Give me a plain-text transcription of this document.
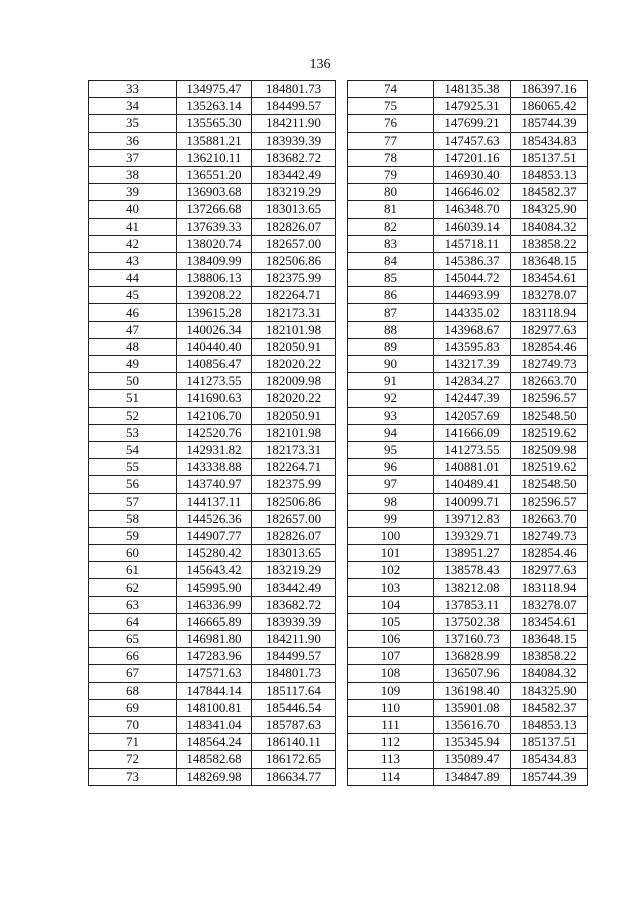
136
33	134975.47	184801.73
34	135263.14	184499.57
35	135565.30	184211.90
36	135881.21	183939.39
37	136210.11	183682.72
38	136551.20	183442.49
39	136903.68	183219.29
40	137266.68	183013.65
41	137639.33	182826.07
42	138020.74	182657.00
43	138409.99	182506.86
44	138806.13	182375.99
45	139208.22	182264.71
46	139615.28	182173.31
47	140026.34	182101.98
48	140440.40	182050.91
49	140856.47	182020.22
50	141273.55	182009.98
51	141690.63	182020.22
52	142106.70	182050.91
53	142520.76	182101.98
54	142931.82	182173.31
55	143338.88	182264.71
56	143740.97	182375.99
57	144137.11	182506.86
58	144526.36	182657.00
59	144907.77	182826.07
60	145280.42	183013.65
61	145643.42	183219.29
62	145995.90	183442.49
63	146336.99	183682.72
64	146665.89	183939.39
65	146981.80	184211.90
66	147283.96	184499.57
67	147571.63	184801.73
68	147844.14	185117.64
69	148100.81	185446.54
70	148341.04	185787.63
71	148564.24	186140.11
72	148582.68	186172.65
73	148269.98	186634.77
74	148135.38	186397.16
75	147925.31	186065.42
76	147699.21	185744.39
77	147457.63	185434.83
78	147201.16	185137.51
79	146930.40	184853.13
80	146646.02	184582.37
81	146348.70	184325.90
82	146039.14	184084.32
83	145718.11	183858.22
84	145386.37	183648.15
85	145044.72	183454.61
86	144693.99	183278.07
87	144335.02	183118.94
88	143968.67	182977.63
89	143595.83	182854.46
90	143217.39	182749.73
91	142834.27	182663.70
92	142447.39	182596.57
93	142057.69	182548.50
94	141666.09	182519.62
95	141273.55	182509.98
96	140881.01	182519.62
97	140489.41	182548.50
98	140099.71	182596.57
99	139712.83	182663.70
100	139329.71	182749.73
101	138951.27	182854.46
102	138578.43	182977.63
103	138212.08	183118.94
104	137853.11	183278.07
105	137502.38	183454.61
106	137160.73	183648.15
107	136828.99	183858.22
108	136507.96	184084.32
109	136198.40	184325.90
110	135901.08	184582.37
111	135616.70	184853.13
112	135345.94	185137.51
113	135089.47	185434.83
114	134847.89	185744.39
